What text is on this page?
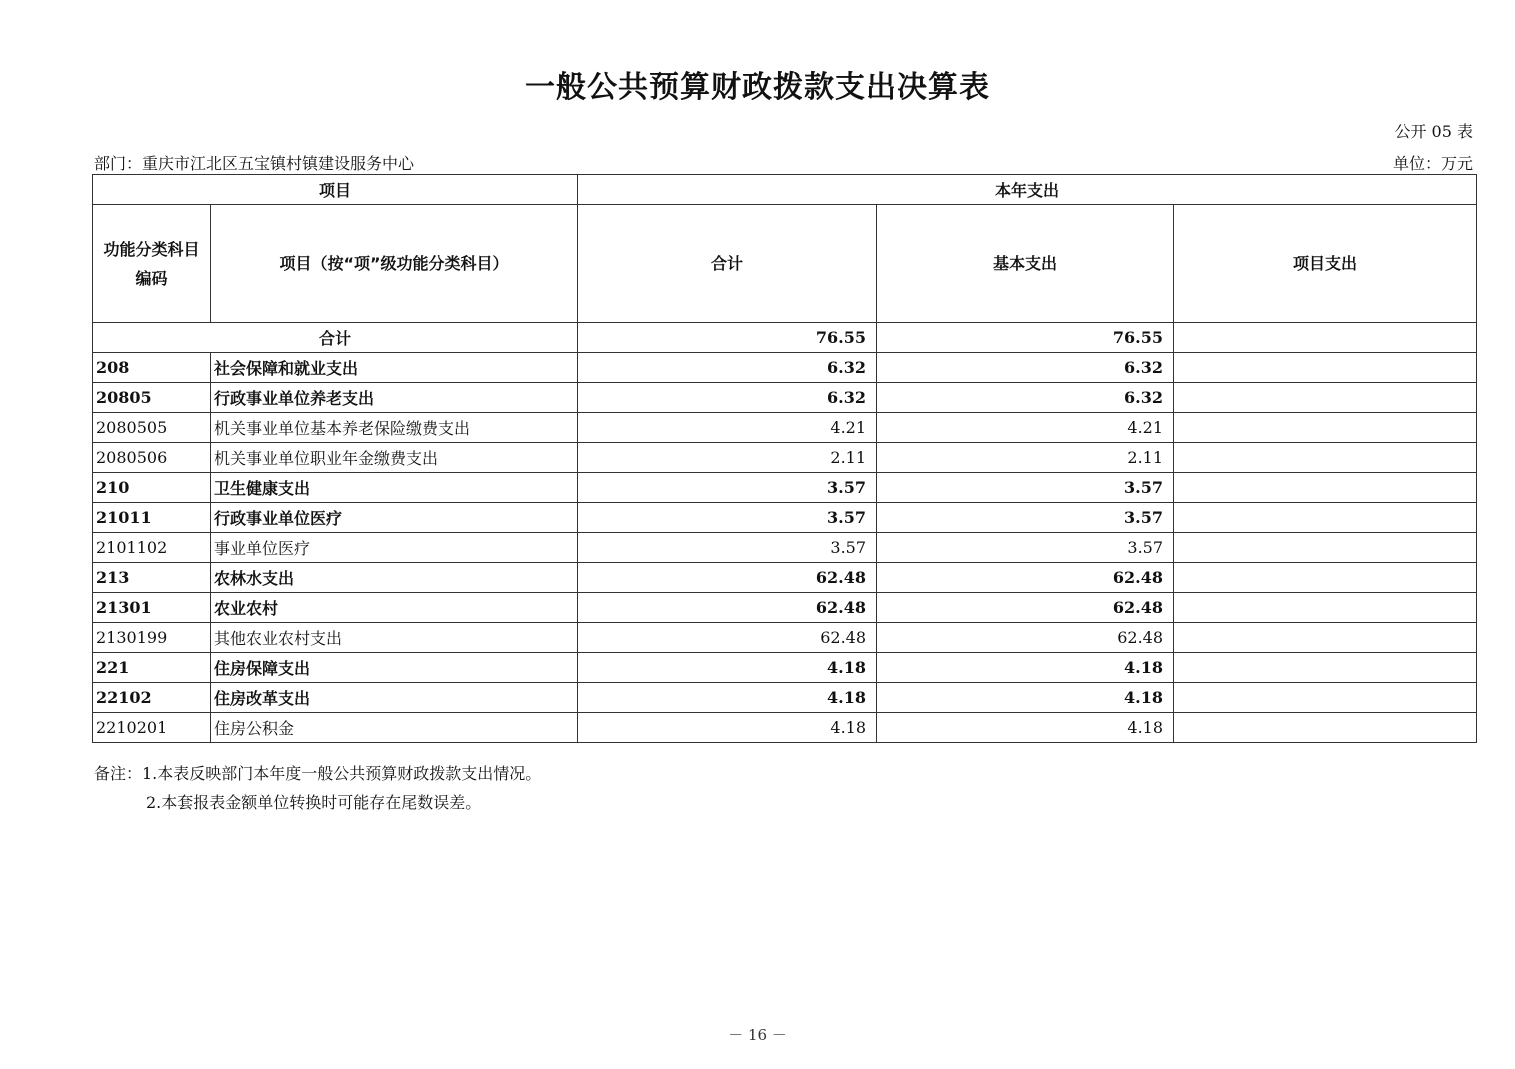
一般公共预算财政拨款支出决算表
公开 05 表
部门：重庆市江北区五宝镇村镇建设服务中心	单位：万元
项目		本年支出		
功能分类科目编码	项目（按“项”级功能分类科目）	合计	基本支出	项目支出
合计		76.55	76.55	
208	社会保障和就业支出	6.32	6.32	
20805	行政事业单位养老支出	6.32	6.32	
2080505	机关事业单位基本养老保险缴费支出	4.21	4.21	
2080506	机关事业单位职业年金缴费支出	2.11	2.11	
210	卫生健康支出	3.57	3.57	
21011	行政事业单位医疗	3.57	3.57	
2101102	事业单位医疗	3.57	3.57	
213	农林水支出	62.48	62.48	
21301	农业农村	62.48	62.48	
2130199	其他农业农村支出	62.48	62.48	
221	住房保障支出	4.18	4.18	
22102	住房改革支出	4.18	4.18	
2210201	住房公积金	4.18	4.18	
备注：1.本表反映部门本年度一般公共预算财政拨款支出情况。
2.本套报表金额单位转换时可能存在尾数误差。
－ 16 －
